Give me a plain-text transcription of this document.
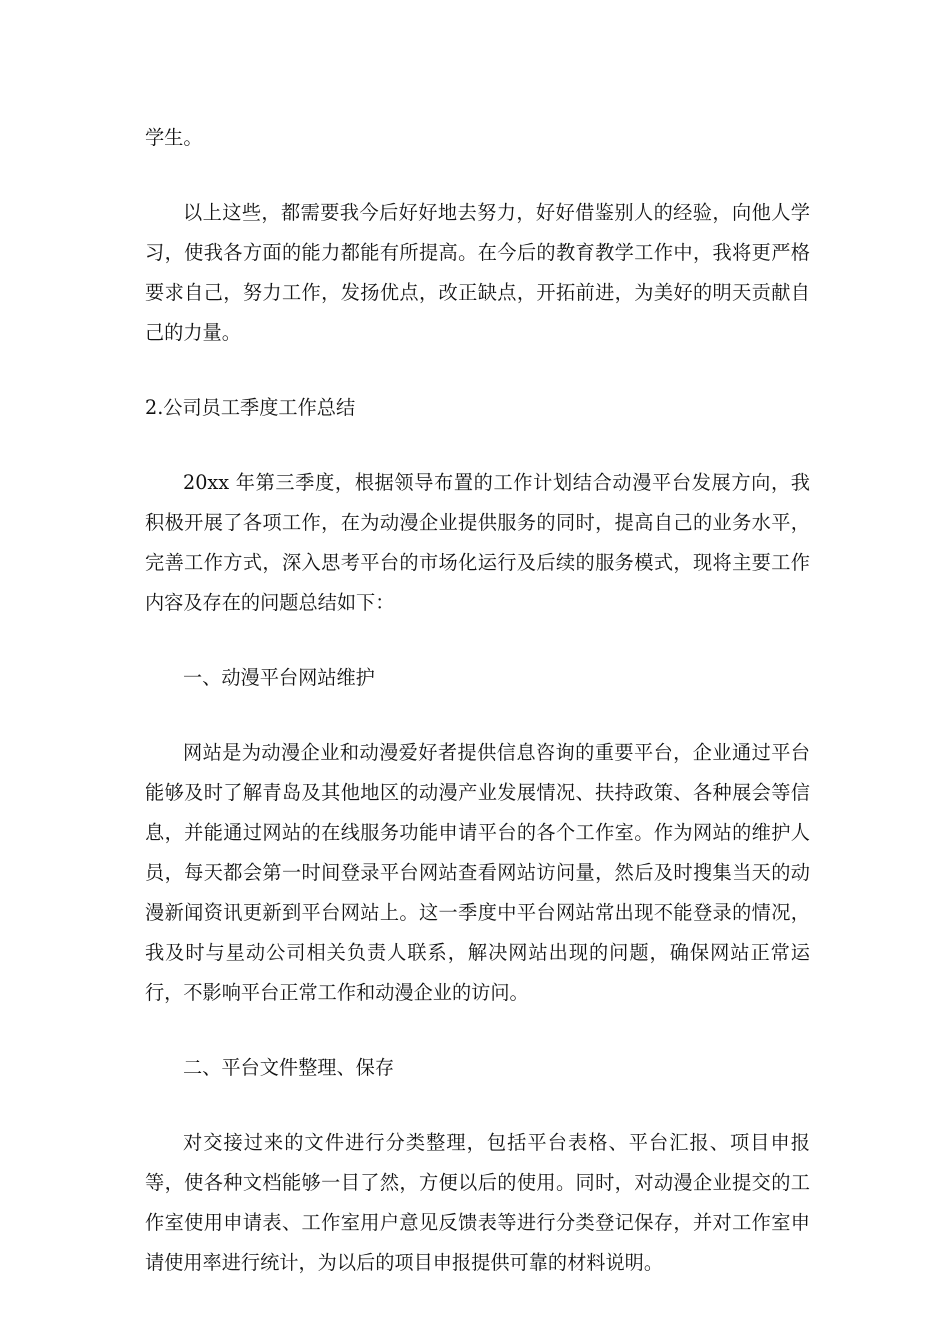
学生。

以上这些，都需要我今后好好地去努力，好好借鉴别人的经验，向他人学习，使我各方面的能力都能有所提高。在今后的教育教学工作中，我将更严格要求自己，努力工作，发扬优点，改正缺点，开拓前进，为美好的明天贡献自己的力量。

2.公司员工季度工作总结

20xx 年第三季度，根据领导布置的工作计划结合动漫平台发展方向，我积极开展了各项工作，在为动漫企业提供服务的同时，提高自己的业务水平，完善工作方式，深入思考平台的市场化运行及后续的服务模式，现将主要工作内容及存在的问题总结如下：

一、动漫平台网站维护

网站是为动漫企业和动漫爱好者提供信息咨询的重要平台，企业通过平台能够及时了解青岛及其他地区的动漫产业发展情况、扶持政策、各种展会等信息，并能通过网站的在线服务功能申请平台的各个工作室。作为网站的维护人员，每天都会第一时间登录平台网站查看网站访问量，然后及时搜集当天的动漫新闻资讯更新到平台网站上。这一季度中平台网站常出现不能登录的情况，我及时与星动公司相关负责人联系，解决网站出现的问题，确保网站正常运行，不影响平台正常工作和动漫企业的访问。

二、平台文件整理、保存

对交接过来的文件进行分类整理，包括平台表格、平台汇报、项目申报等，使各种文档能够一目了然，方便以后的使用。同时，对动漫企业提交的工作室使用申请表、工作室用户意见反馈表等进行分类登记保存，并对工作室申请使用率进行统计，为以后的项目申报提供可靠的材料说明。
